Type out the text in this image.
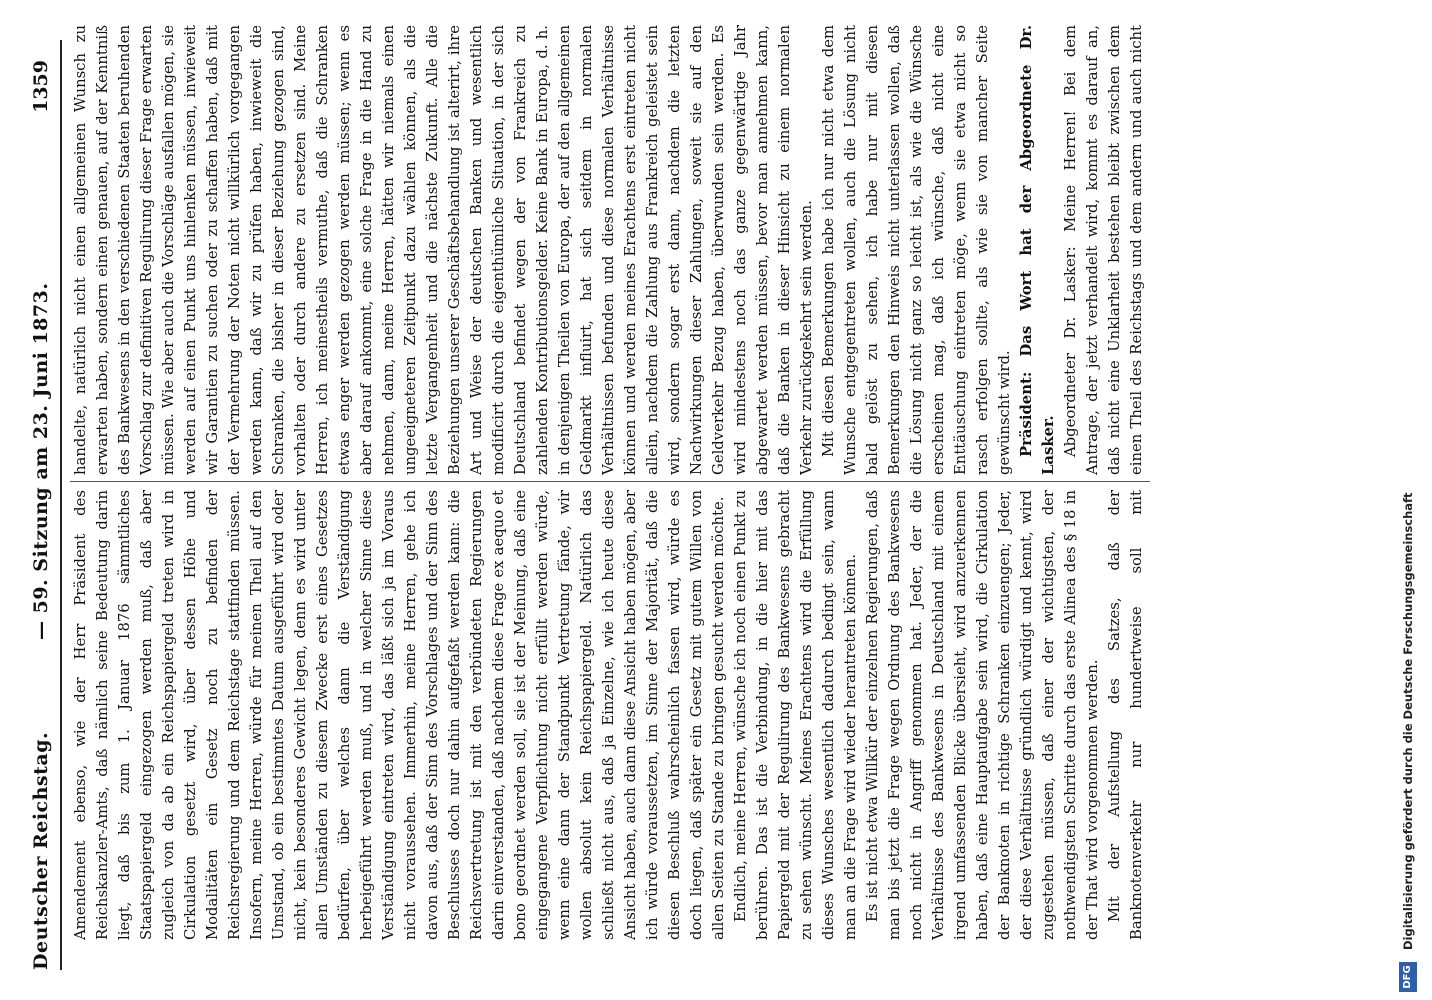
Deutscher Reichstag.
— 59. Sitzung am 23. Juni 1873.
1359

Amendement ebenso, wie der Herr Präsident des Reichskanzler-Amts, daß nämlich seine Bedeutung darin liegt, daß bis zum 1. Januar 1876 sämmtliches Staatspapiergeld eingezogen werden muß, daß aber zugleich von da ab ein Reichspapiergeld treten wird in Cirkulation gesetzt wird, über dessen Höhe und Modalitäten ein Gesetz noch zu befinden der Reichsregierung und dem Reichstage stattfinden müssen. Insofern, meine Herren, würde für meinen Theil auf den Umstand, ob ein bestimmtes Datum ausgeführt wird oder nicht, kein besonderes Gewicht legen, denn es wird unter allen Umständen zu diesem Zwecke erst eines Gesetzes bedürfen, über welches dann die Verständigung herbeigeführt werden muß, und in welcher Sinne diese Verständigung eintreten wird, das läßt sich ja im Voraus nicht voraussehen. Immerhin, meine Herren, gehe ich davon aus, daß der Sinn des Vorschlages und der Sinn des Beschlusses doch nur dahin aufgefaßt werden kann: die Reichsvertretung ist mit den verbündeten Regierungen darin einverstanden, daß nachdem diese Frage ex aequo et bono geordnet werden soll, sie ist der Meinung, daß eine eingegangene Verpflichtung nicht erfüllt werden würde, wenn eine dann der Standpunkt Vertretung fände, wir wollen absolut kein Reichspapiergeld. Natürlich das schließt nicht aus, daß ja Einzelne, wie ich heute diese Ansicht haben, auch dann diese Ansicht haben mögen, aber ich würde voraussetzen, im Sinne der Majorität, daß die diesen Beschluß wahrscheinlich fassen wird, würde es doch liegen, daß später ein Gesetz mit gutem Willen von allen Seiten zu Stande zu bringen gesucht werden möchte. Endlich, meine Herren, wünsche ich noch einen Punkt zu berühren. Das ist die Verbindung, in die hier mit das Papiergeld mit der Regulirung des Bankwesens gebracht zu sehen wünscht. Meines Erachtens wird die Erfüllung dieses Wunsches wesentlich dadurch bedingt sein, wann man an die Frage wird wieder herantreten können. Es ist nicht etwa Willkür der einzelnen Regierungen, daß man bis jetzt die Frage wegen Ordnung des Bankwesens noch nicht in Angriff genommen hat. Jeder, der die Verhältnisse des Bankwesens in Deutschland mit einem irgend umfassenden Blicke übersieht, wird anzuerkennen haben, daß eine Hauptaufgabe sein wird, die Cirkulation der Banknoten in richtige Schranken einzuengen; Jeder, der diese Verhältnisse gründlich würdigt und kennt, wird zugestehen müssen, daß einer der wichtigsten, der nothwendigsten Schritte durch das erste Alinea des § 18 in der That wird vorgenommen werden. Mit der Aufstellung des Satzes, daß der Banknotenverkehr nur hundertweise soll mit

handelte, natürlich nicht einen allgemeinen Wunsch zu erwarten haben, sondern einen genauen, auf der Kenntniß des Bankwesens in den verschiedenen Staaten beruhenden Vorschlag zur definitiven Regulirung dieser Frage erwarten müssen. Wie aber auch die Vorschläge ausfallen mögen, sie werden auf einen Punkt uns hinlenken müssen, inwieweit wir Garantien zu suchen oder zu schaffen haben, daß mit der Vermehrung der Noten nicht willkürlich vorgegangen werden kann, daß wir zu prüfen haben, inwieweit die Schranken, die bisher in dieser Beziehung gezogen sind, vorhalten oder durch andere zu ersetzen sind. Meine Herren, ich meinestheils vermuthe, daß die Schranken etwas enger werden gezogen werden müssen; wenn es aber darauf ankommt, eine solche Frage in die Hand zu nehmen, dann, meine Herren, hätten wir niemals einen ungeeigneteren Zeitpunkt dazu wählen können, als die letzte Vergangenheit und die nächste Zukunft. Alle die Beziehungen unserer Geschäftsbehandlung ist alterirt, ihre Art und Weise der deutschen Banken und wesentlich modificirt durch die eigenthümliche Situation, in der sich Deutschland befindet wegen der von Frankreich zu zahlenden Kontributionsgelder. Keine Bank in Europa, d. h. in denjenigen Theilen von Europa, der auf den allgemeinen Geldmarkt influirt, hat sich seitdem in normalen Verhältnissen befunden und diese normalen Verhältnisse können und werden meines Erachtens erst eintreten nicht allein, nachdem die Zahlung aus Frankreich geleistet sein wird, sondern sogar erst dann, nachdem die letzten Nachwirkungen dieser Zahlungen, soweit sie auf den Geldverkehr Bezug haben, überwunden sein werden. Es wird mindestens noch das ganze gegenwärtige Jahr abgewartet werden müssen, bevor man annehmen kann, daß die Banken in dieser Hinsicht zu einem normalen Verkehr zurückgekehrt sein werden. Mit diesen Bemerkungen habe ich nur nicht etwa dem Wunsche entgegentreten wollen, auch die Lösung nicht bald gelöst zu sehen, ich habe nur mit diesen Bemerkungen den Hinweis nicht unterlassen wollen, daß die Lösung nicht ganz so leicht ist, als wie die Wünsche erscheinen mag, daß ich wünsche, daß nicht eine Enttäuschung eintreten möge, wenn sie etwa nicht so rasch erfolgen sollte, als wie sie von mancher Seite gewünscht wird. Präsident: Das Wort hat der Abgeordnete Dr. Lasker. Abgeordneter Dr. Lasker: Meine Herren! Bei dem Antrage, der jetzt verhandelt wird, kommt es darauf an, daß nicht eine Unklarheit bestehen bleibt zwischen dem einen Theil des Reichstags und dem andern und auch nicht

DFG
Digitalisierung gefördert durch die Deutsche Forschungsgemeinschaft
